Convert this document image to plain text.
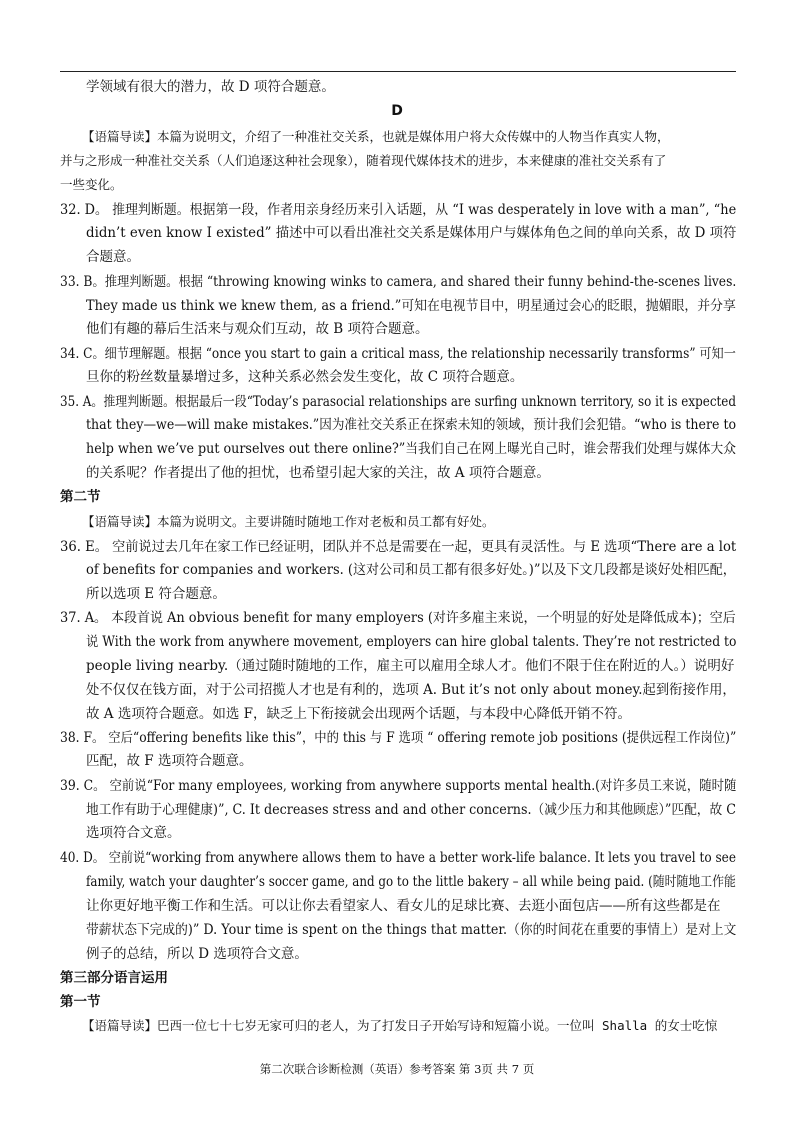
学领域有很大的潜力，故 D 项符合题意。
D
【语篇导读】本篇为说明文，介绍了一种准社交关系，也就是媒体用户将大众传媒中的人物当作真实人物，
并与之形成一种准社交关系（人们追逐这种社会现象），随着现代媒体技术的进步，本来健康的准社交关系有了
一些变化。
32. D。 推理判断题。根据第一段，作者用亲身经历来引入话题，从 “I was desperately in love with a man”, “he
didn’t even know I existed” 描述中可以看出准社交关系是媒体用户与媒体角色之间的单向关系，故 D 项符
合题意。
33. B。推理判断题。根据 “throwing knowing winks to camera, and shared their funny behind-the-scenes lives.
They made us think we knew them, as a friend.”可知在电视节目中，明星通过会心的眨眼，抛媚眼，并分享
他们有趣的幕后生活来与观众们互动，故 B 项符合题意。
34. C。细节理解题。根据 “once you start to gain a critical mass, the relationship necessarily transforms” 可知一
旦你的粉丝数量暴增过多，这种关系必然会发生变化，故 C 项符合题意。
35. A。推理判断题。根据最后一段“Today’s parasocial relationships are surfing unknown territory, so it is expected
that they—we—will make mistakes.”因为准社交关系正在探索未知的领域，预计我们会犯错。“who is there to
help when we’ve put ourselves out there online?”当我们自己在网上曝光自己时，谁会帮我们处理与媒体大众
的关系呢？作者提出了他的担忧，也希望引起大家的关注，故 A 项符合题意。
第二节
【语篇导读】本篇为说明文。主要讲随时随地工作对老板和员工都有好处。
36. E。 空前说过去几年在家工作已经证明，团队并不总是需要在一起，更具有灵活性。与 E 选项“There are a lot
of benefits for companies and workers. (这对公司和员工都有很多好处。)”以及下文几段都是谈好处相匹配，
所以选项 E 符合题意。
37. A。 本段首说 An obvious benefit for many employers (对许多雇主来说，一个明显的好处是降低成本)；空后
说 With the work from anywhere movement, employers can hire global talents. They’re not restricted to
people living nearby.（通过随时随地的工作，雇主可以雇用全球人才。他们不限于住在附近的人。）说明好
处不仅仅在钱方面，对于公司招揽人才也是有利的，选项 A. But it’s not only about money.起到衔接作用，
故 A 选项符合题意。如选 F，缺乏上下衔接就会出现两个话题，与本段中心降低开销不符。
38. F。 空后“offering benefits like this”，中的 this 与 F 选项 “ offering remote job positions (提供远程工作岗位)”
匹配，故 F 选项符合题意。
39. C。 空前说“For many employees, working from anywhere supports mental health.(对许多员工来说，随时随
地工作有助于心理健康)”, C. It decreases stress and and other concerns.（减少压力和其他顾虑）”匹配，故 C
选项符合文意。
40. D。 空前说“working from anywhere allows them to have a better work-life balance. It lets you travel to see
family, watch your daughter’s soccer game, and go to the little bakery – all while being paid. (随时随地工作能
让你更好地平衡工作和生活。可以让你去看望家人、看女儿的足球比赛、去逛小面包店——所有这些都是在
带薪状态下完成的)” D. Your time is spent on the things that matter.（你的时间花在重要的事情上）是对上文
例子的总结，所以 D 选项符合文意。
第三部分语言运用
第一节
【语篇导读】巴西一位七十七岁无家可归的老人，为了打发日子开始写诗和短篇小说。一位叫 Shalla 的女士吃惊
第二次联合诊断检测（英语）参考答案 第 3页 共 7 页
